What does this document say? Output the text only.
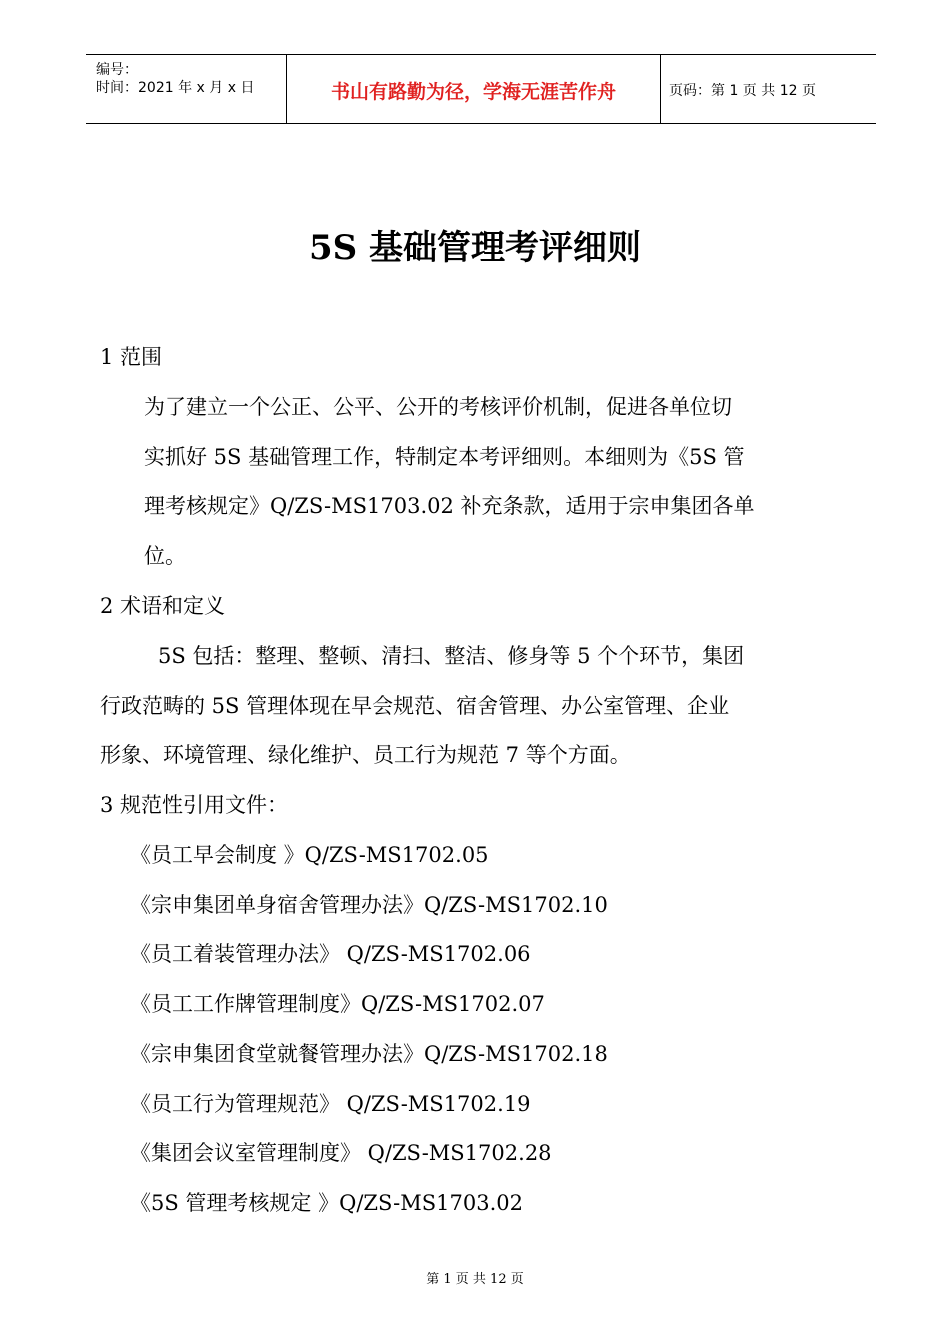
编号：
时间：2021 年 x 月 x 日	书山有路勤为径，学海无涯苦作舟	页码：第 1 页 共 12 页
5S 基础管理考评细则
1 范围
为了建立一个公正、公平、公开的考核评价机制，促进各单位切
实抓好 5S 基础管理工作，特制定本考评细则。本细则为《5S 管
理考核规定》Q/ZS-MS1703.02 补充条款，适用于宗申集团各单
位。
2 术语和定义
5S 包括：整理、整顿、清扫、整洁、修身等 5 个个环节，集团
行政范畴的 5S 管理体现在早会规范、宿舍管理、办公室管理、企业
形象、环境管理、绿化维护、员工行为规范 7 等个方面。
3 规范性引用文件：
《员工早会制度 》Q/ZS-MS1702.05
《宗申集团单身宿舍管理办法》Q/ZS-MS1702.10
《员工着装管理办法》 Q/ZS-MS1702.06
《员工工作牌管理制度》Q/ZS-MS1702.07
《宗申集团食堂就餐管理办法》Q/ZS-MS1702.18
《员工行为管理规范》 Q/ZS-MS1702.19
《集团会议室管理制度》 Q/ZS-MS1702.28
《5S 管理考核规定 》Q/ZS-MS1703.02
第 1 页 共 12 页
